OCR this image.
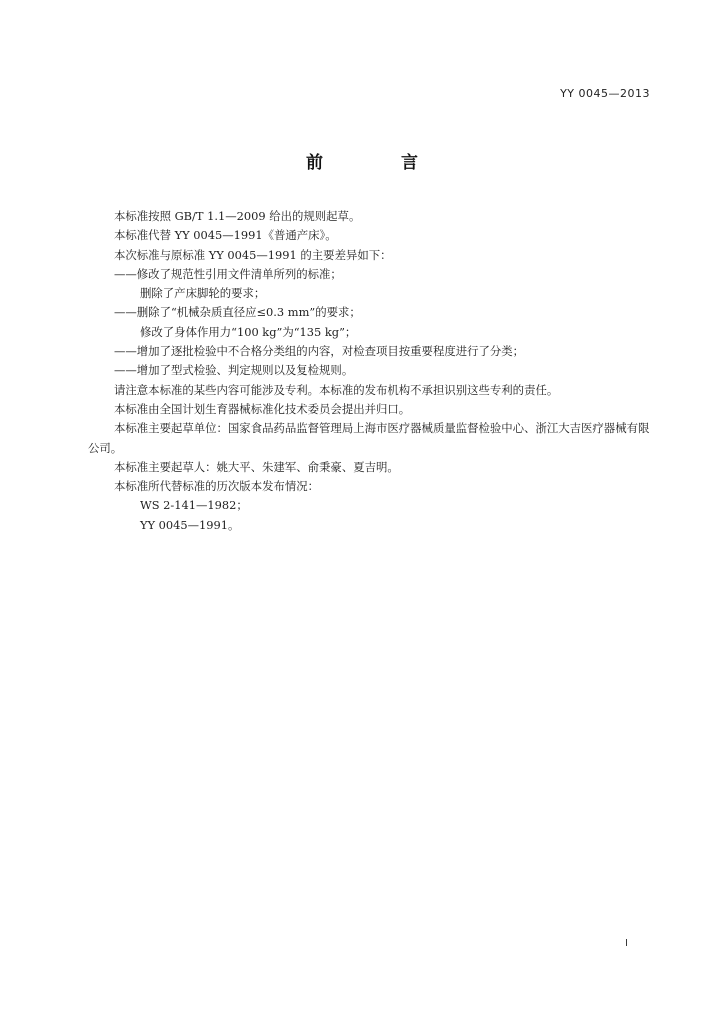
YY 0045—2013
前 言
本标准按照 GB/T 1.1—2009 给出的规则起草。
本标准代替 YY 0045—1991《普通产床》。
本次标准与原标准 YY 0045—1991 的主要差异如下：
——修改了规范性引用文件清单所列的标准；
删除了产床脚轮的要求；
——删除了“机械杂质直径应≤0.3 mm”的要求；
修改了身体作用力“100 kg”为“135 kg”；
——增加了逐批检验中不合格分类组的内容，对检查项目按重要程度进行了分类；
——增加了型式检验、判定规则以及复检规则。
请注意本标准的某些内容可能涉及专利。本标准的发布机构不承担识别这些专利的责任。
本标准由全国计划生育器械标准化技术委员会提出并归口。
本标准主要起草单位：国家食品药品监督管理局上海市医疗器械质量监督检验中心、浙江大吉医疗器械有限公司。
本标准主要起草人：姚大平、朱建军、俞秉豪、夏吉明。
本标准所代替标准的历次版本发布情况：
WS 2-141—1982；
YY 0045—1991。
I
